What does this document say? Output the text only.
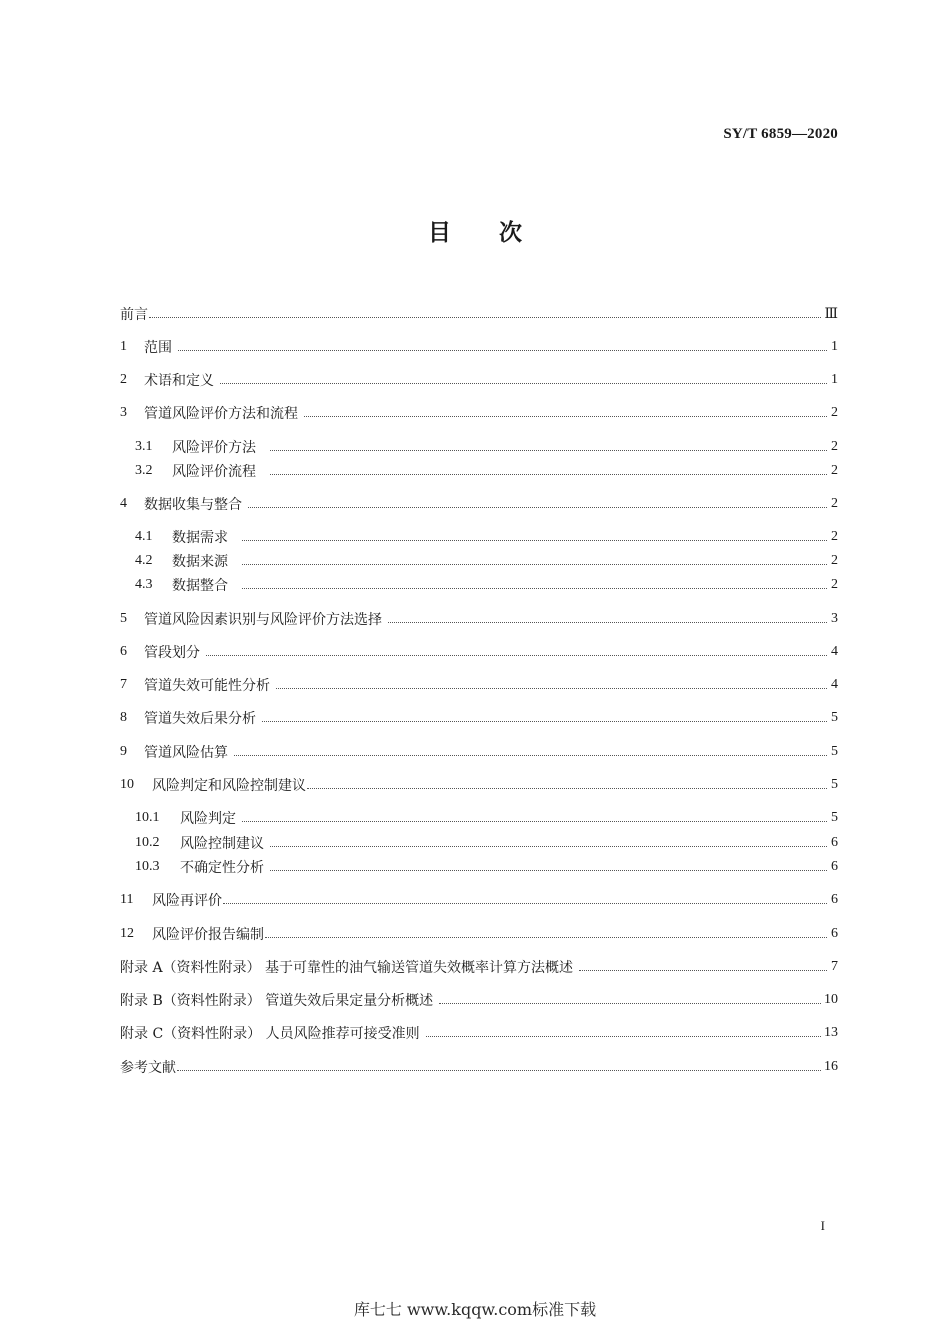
SY/T 6859—2020
目 次
前言	Ⅲ
1	范围	1
2	术语和定义	1
3	管道风险评价方法和流程	2
3.1	风险评价方法	2
3.2	风险评价流程	2
4	数据收集与整合	2
4.1	数据需求	2
4.2	数据来源	2
4.3	数据整合	2
5	管道风险因素识别与风险评价方法选择	3
6	管段划分	4
7	管道失效可能性分析	4
8	管道失效后果分析	5
9	管道风险估算	5
10	风险判定和风险控制建议	5
10.1	风险判定	5
10.2	风险控制建议	6
10.3	不确定性分析	6
11	风险再评价	6
12	风险评价报告编制	6
附录 A（资料性附录） 基于可靠性的油气输送管道失效概率计算方法概述	7
附录 B（资料性附录） 管道失效后果定量分析概述	10
附录 C（资料性附录） 人员风险推荐可接受准则	13
参考文献	16
I
库七七 www.kqqw.com标准下载
